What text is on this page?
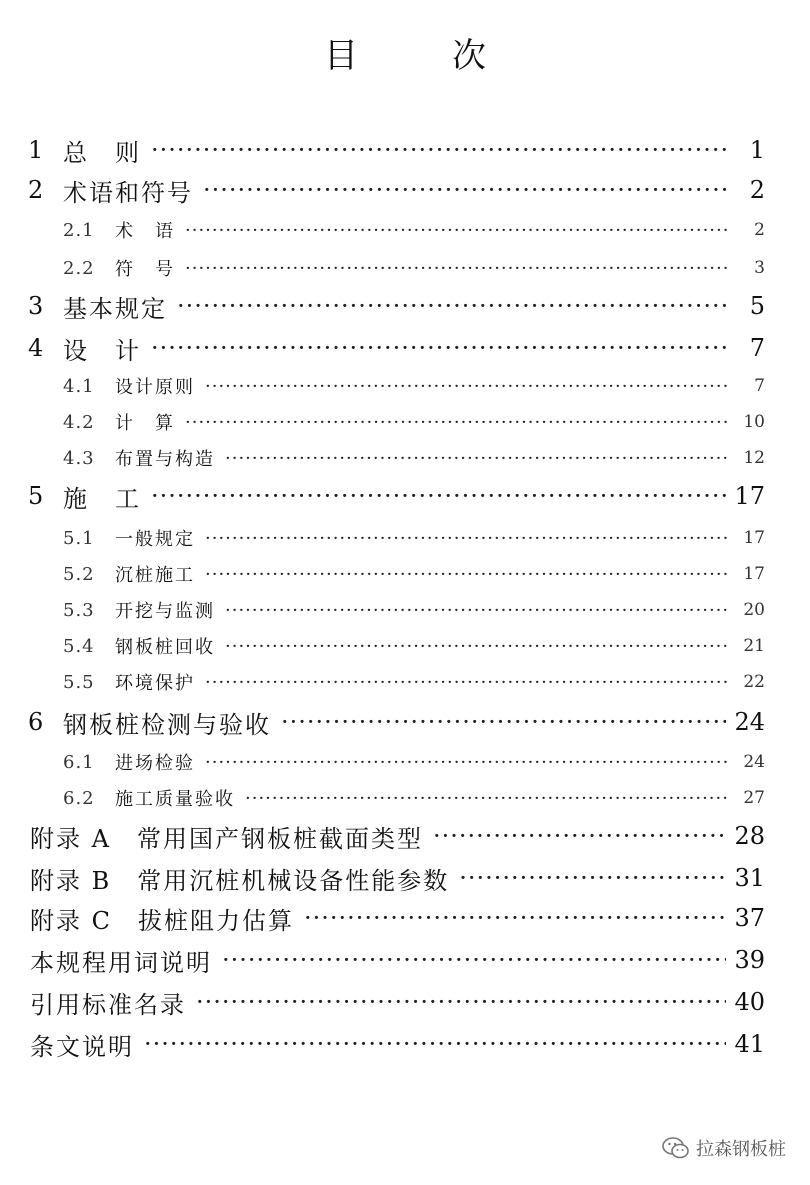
目　次
1 总　则 ·····	1
2 术语和符号 ·····	2
2.1	术　语 ·····	2
2.2	符　号 ·····	3
3 基本规定 ·····	5
4 设　计 ·····	7
4.1	设计原则 ·····	7
4.2	计　算 ·····	10
4.3	布置与构造 ·····	12
5 施　工 ·····	17
5.1	一般规定 ·····	17
5.2	沉桩施工 ·····	17
5.3	开挖与监测 ·····	20
5.4	钢板桩回收 ·····	21
5.5	环境保护 ·····	22
6 钢板桩检测与验收 ·····	24
6.1	进场检验 ·····	24
6.2	施工质量验收 ·····	27
附录 A　常用国产钢板桩截面类型 ·····	28
附录 B　常用沉桩机械设备性能参数 ·····	31
附录 C　拔桩阻力估算 ·····	37
本规程用词说明 ·····	39
引用标准名录 ·····	40
条文说明 ·····	41
拉森钢板桩
